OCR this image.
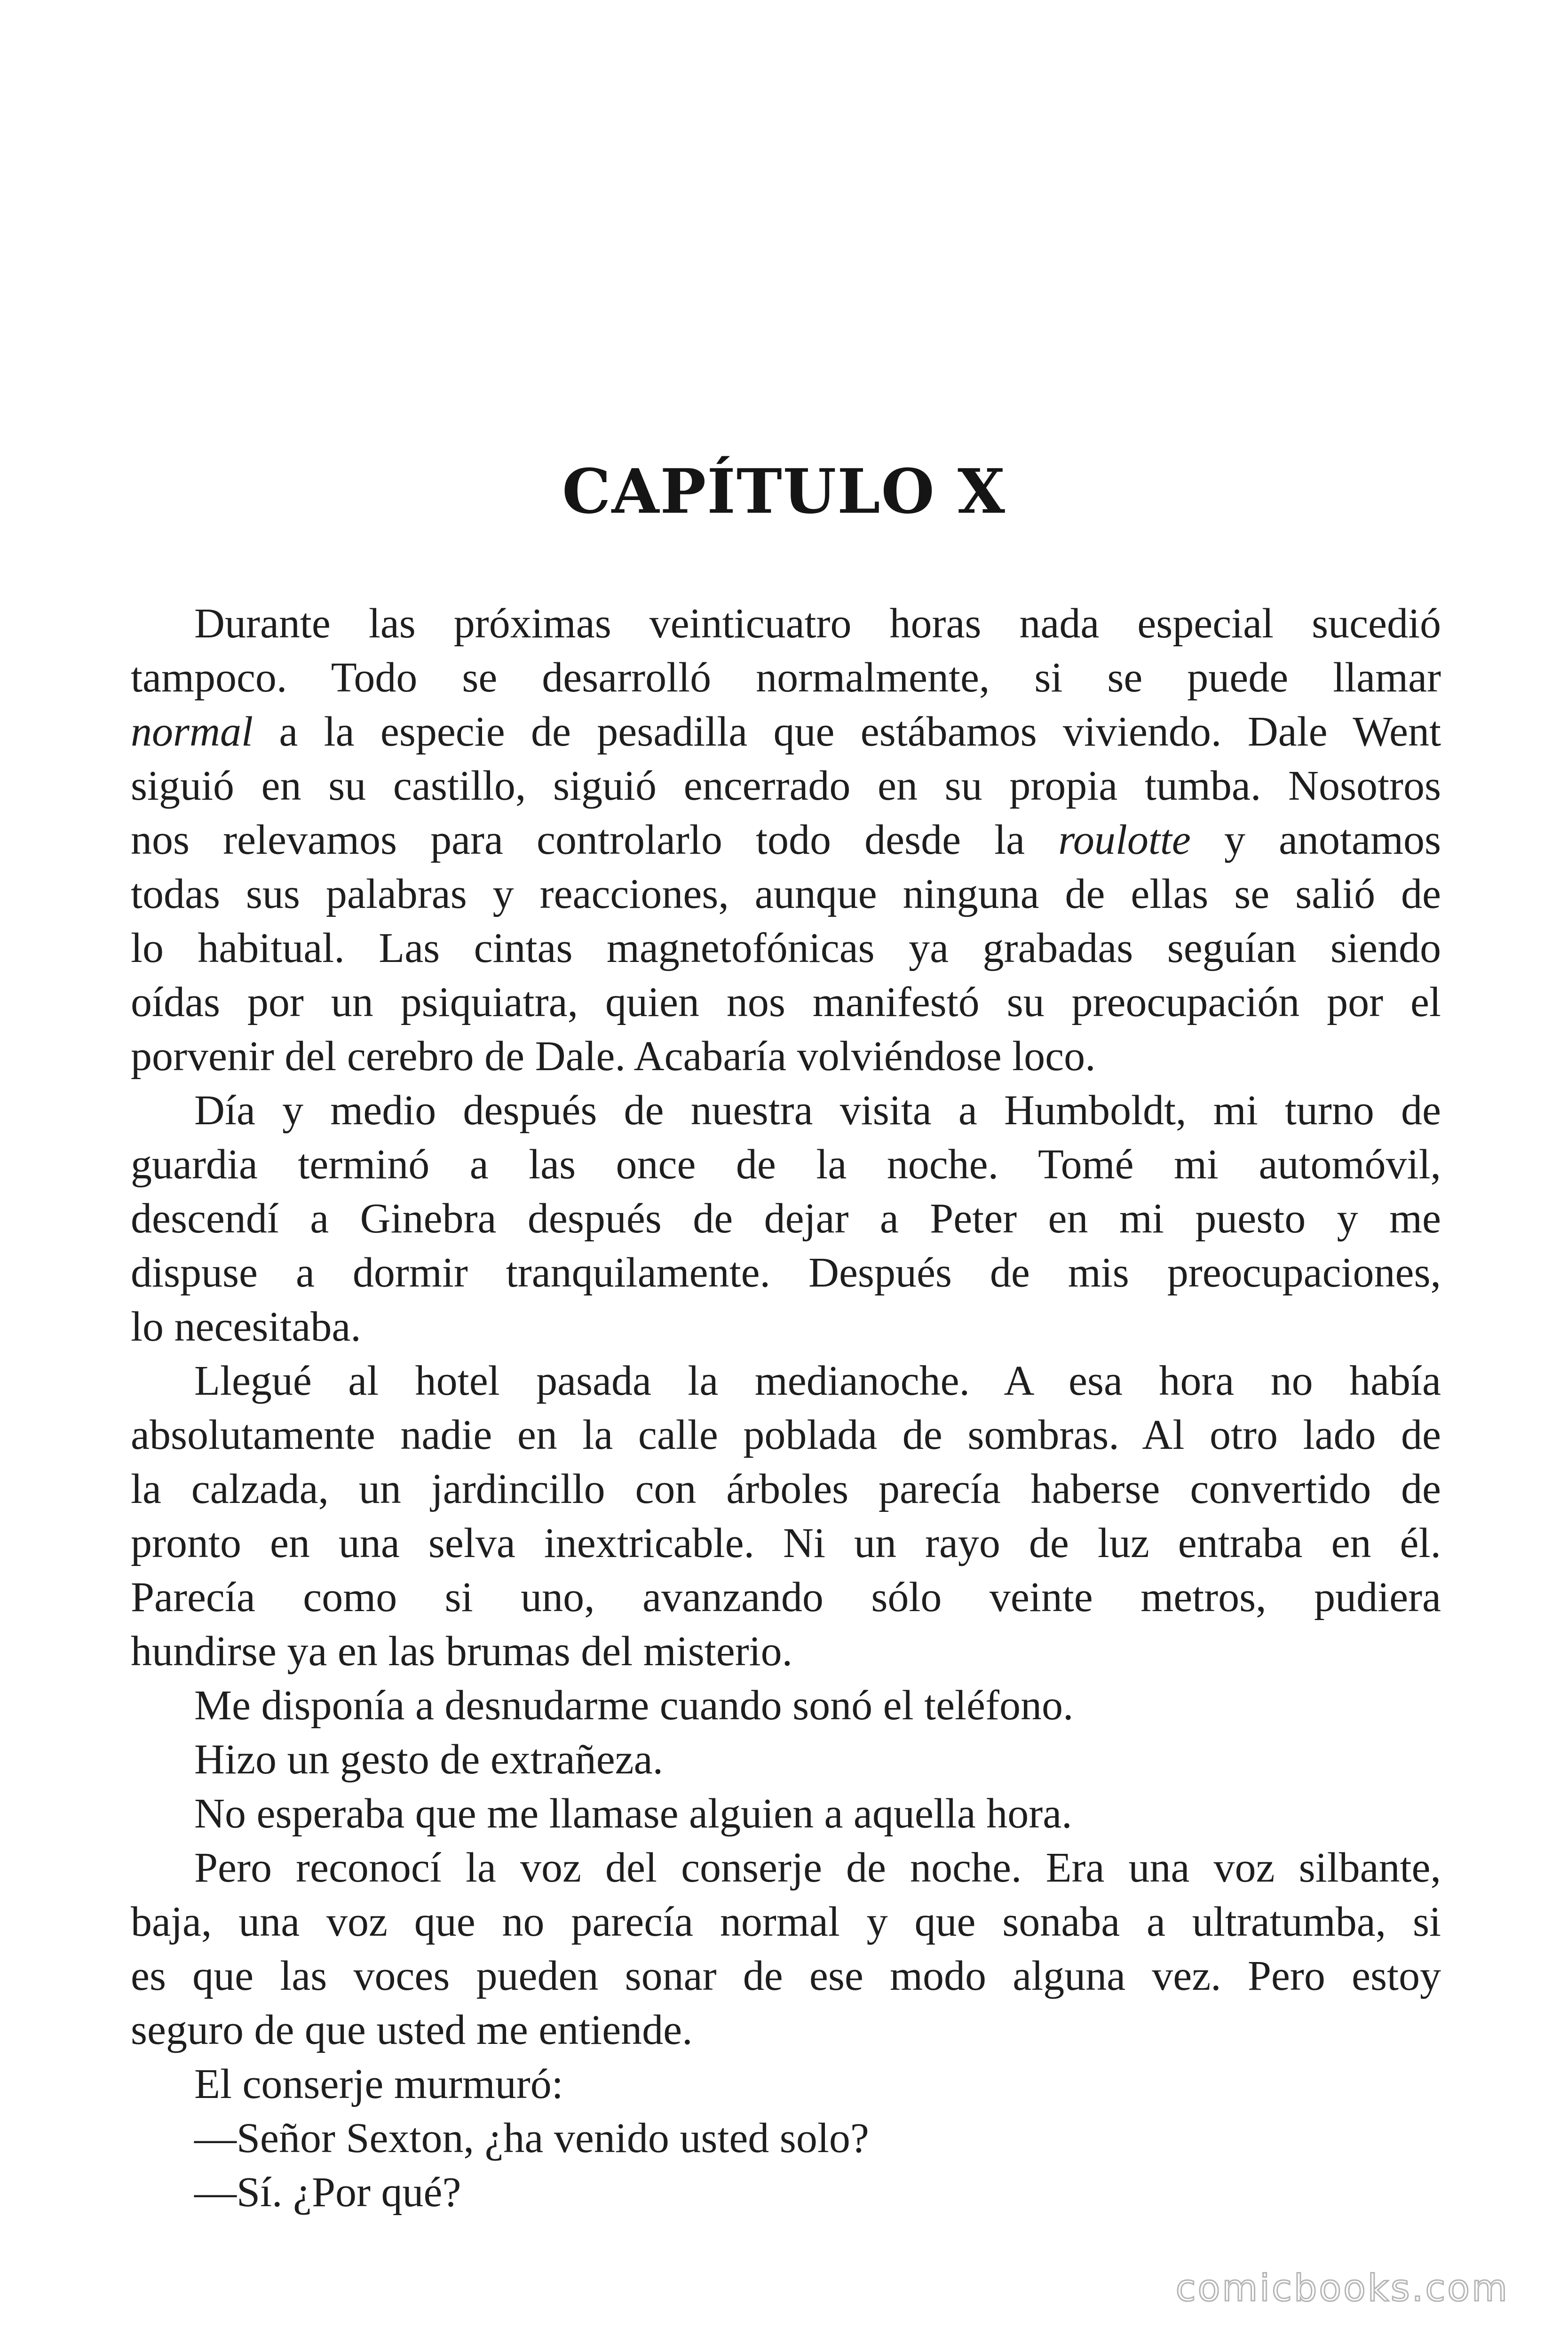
CAPÍTULO X
Durante las próximas veinticuatro horas nada especial sucedió
tampoco. Todo se desarrolló normalmente, si se puede llamar
normal a la especie de pesadilla que estábamos viviendo. Dale Went
siguió en su castillo, siguió encerrado en su propia tumba. Nosotros
nos relevamos para controlarlo todo desde la roulotte y anotamos
todas sus palabras y reacciones, aunque ninguna de ellas se salió de
lo habitual. Las cintas magnetofónicas ya grabadas seguían siendo
oídas por un psiquiatra, quien nos manifestó su preocupación por el
porvenir del cerebro de Dale. Acabaría volviéndose loco.
Día y medio después de nuestra visita a Humboldt, mi turno de
guardia terminó a las once de la noche. Tomé mi automóvil,
descendí a Ginebra después de dejar a Peter en mi puesto y me
dispuse a dormir tranquilamente. Después de mis preocupaciones,
lo necesitaba.
Llegué al hotel pasada la medianoche. A esa hora no había
absolutamente nadie en la calle poblada de sombras. Al otro lado de
la calzada, un jardincillo con árboles parecía haberse convertido de
pronto en una selva inextricable. Ni un rayo de luz entraba en él.
Parecía como si uno, avanzando sólo veinte metros, pudiera
hundirse ya en las brumas del misterio.
Me disponía a desnudarme cuando sonó el teléfono.
Hizo un gesto de extrañeza.
No esperaba que me llamase alguien a aquella hora.
Pero reconocí la voz del conserje de noche. Era una voz silbante,
baja, una voz que no parecía normal y que sonaba a ultratumba, si
es que las voces pueden sonar de ese modo alguna vez. Pero estoy
seguro de que usted me entiende.
El conserje murmuró:
—Señor Sexton, ¿ha venido usted solo?
—Sí. ¿Por qué?
comicbooks.com
